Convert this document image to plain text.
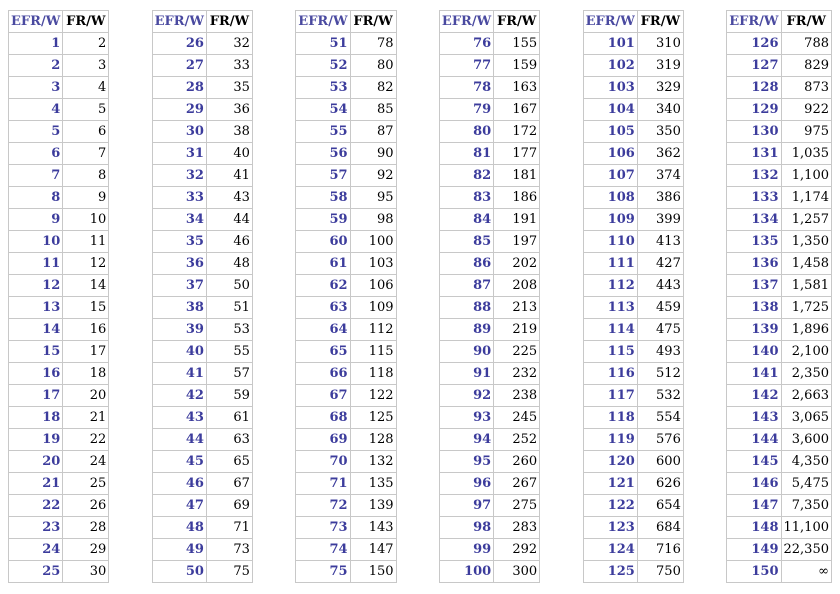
EFR/W	FR/W
1	2
2	3
3	4
4	5
5	6
6	7
7	8
8	9
9	10
10	11
11	12
12	14
13	15
14	16
15	17
16	18
17	20
18	21
19	22
20	24
21	25
22	26
23	28
24	29
25	30
EFR/W	FR/W
26	32
27	33
28	35
29	36
30	38
31	40
32	41
33	43
34	44
35	46
36	48
37	50
38	51
39	53
40	55
41	57
42	59
43	61
44	63
45	65
46	67
47	69
48	71
49	73
50	75
EFR/W	FR/W
51	78
52	80
53	82
54	85
55	87
56	90
57	92
58	95
59	98
60	100
61	103
62	106
63	109
64	112
65	115
66	118
67	122
68	125
69	128
70	132
71	135
72	139
73	143
74	147
75	150
EFR/W	FR/W
76	155
77	159
78	163
79	167
80	172
81	177
82	181
83	186
84	191
85	197
86	202
87	208
88	213
89	219
90	225
91	232
92	238
93	245
94	252
95	260
96	267
97	275
98	283
99	292
100	300
EFR/W	FR/W
101	310
102	319
103	329
104	340
105	350
106	362
107	374
108	386
109	399
110	413
111	427
112	443
113	459
114	475
115	493
116	512
117	532
118	554
119	576
120	600
121	626
122	654
123	684
124	716
125	750
EFR/W	FR/W
126	788
127	829
128	873
129	922
130	975
131	1,035
132	1,100
133	1,174
134	1,257
135	1,350
136	1,458
137	1,581
138	1,725
139	1,896
140	2,100
141	2,350
142	2,663
143	3,065
144	3,600
145	4,350
146	5,475
147	7,350
148	11,100
149	22,350
150	∞
